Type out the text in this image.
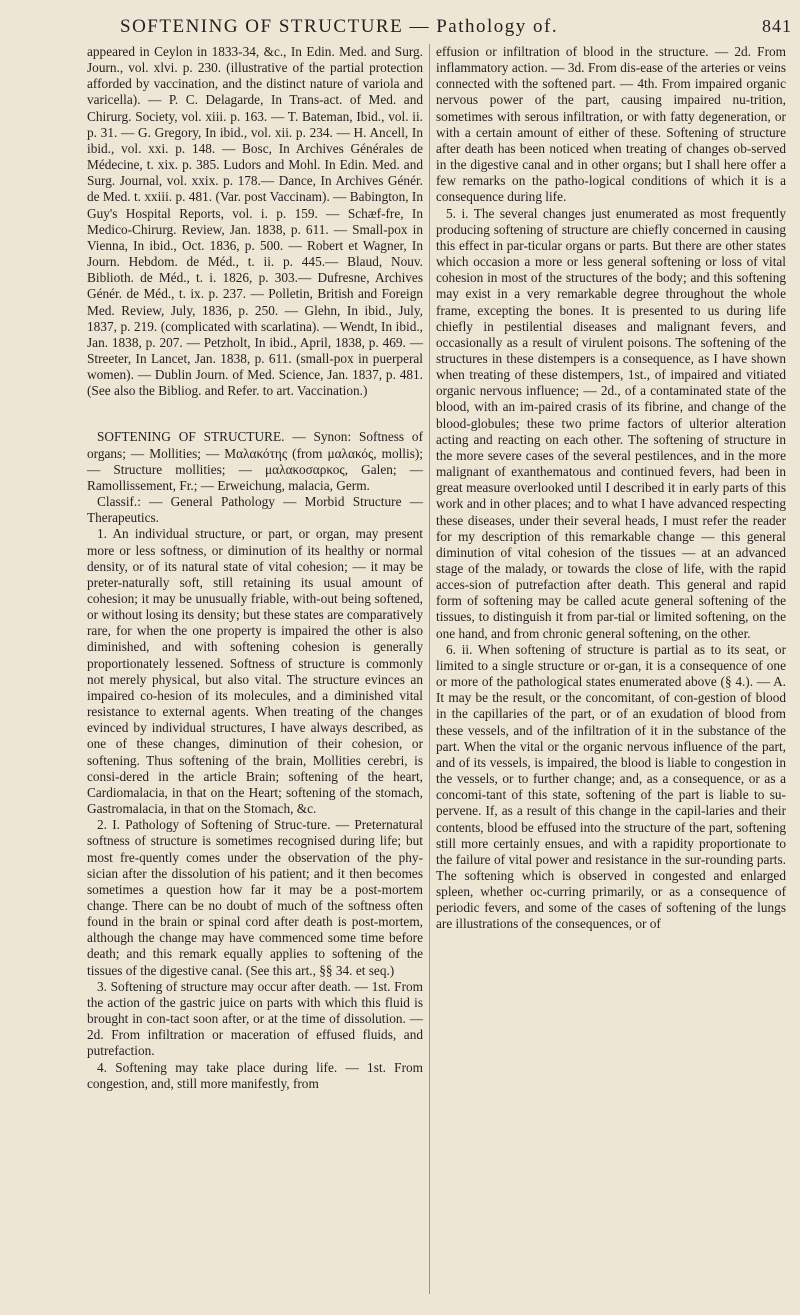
SOFTENING OF STRUCTURE — Pathology of.	841

appeared in Ceylon in 1833-34, &c., In Edin. Med. and Surg. Journ., vol. xlvi. p. 230. (illustrative of the partial protection afforded by vaccination, and the distinct nature of variola and varicella). — P. C. Delagarde, In Trans-act. of Med. and Chirurg. Society, vol. xiii. p. 163. — T. Bateman, Ibid., vol. ii. p. 31. — G. Gregory, In ibid., vol. xii. p. 234. — H. Ancell, In ibid., vol. xxi. p. 148. — Bosc, In Archives Générales de Médecine, t. xix. p. 385. Ludors and Mohl. In Edin. Med. and Surg. Journal, vol. xxix. p. 178.— Dance, In Archives Génér. de Med. t. xxiii. p. 481. (Var. post Vaccinam). — Babington, In Guy's Hospital Reports, vol. i. p. 159. — Schæf-fre, In Medico-Chirurg. Review, Jan. 1838, p. 611. — Small-pox in Vienna, In ibid., Oct. 1836, p. 500. — Robert et Wagner, In Journ. Hebdom. de Méd., t. ii. p. 445.— Blaud, Nouv. Biblioth. de Méd., t. i. 1826, p. 303.— Dufresne, Archives Génér. de Méd., t. ix. p. 237. — Polletin, British and Foreign Med. Review, July, 1836, p. 250. — Glehn, In ibid., July, 1837, p. 219. (complicated with scarlatina). — Wendt, In ibid., Jan. 1838, p. 207. — Petzholt, In ibid., April, 1838, p. 469. — Streeter, In Lancet, Jan. 1838, p. 611. (small-pox in puerperal women). — Dublin Journ. of Med. Science, Jan. 1837, p. 481. (See also the Bibliog. and Refer. to art. Vaccination.)

SOFTENING OF STRUCTURE. — Synon: Softness of organs; — Mollities; — Μαλακότης (from μαλακός, mollis); — Structure mollities; — μαλακοσαρκος, Galen; — Ramollissement, Fr.; — Erweichung, malacia, Germ.

Classif.: — General Pathology — Morbid Structure — Therapeutics.

1. An individual structure, or part, or organ, may present more or less softness, or diminution of its healthy or normal density, or of its natural state of vital cohesion; — it may be preter-naturally soft, still retaining its usual amount of cohesion; it may be unusually friable, with-out being softened, or without losing its density; but these states are comparatively rare, for when the one property is impaired the other is also diminished, and with softening cohesion is generally proportionately lessened. Softness of structure is commonly not merely physical, but also vital. The structure evinces an impaired co-hesion of its molecules, and a diminished vital resistance to external agents. When treating of the changes evinced by individual structures, I have always described, as one of these changes, diminution of their cohesion, or softening. Thus softening of the brain, Mollities cerebri, is consi-dered in the article Brain; softening of the heart, Cardiomalacia, in that on the Heart; softening of the stomach, Gastromalacia, in that on the Stomach, &c.

2. I. Pathology of Softening of Struc-ture. — Preternatural softness of structure is sometimes recognised during life; but most fre-quently comes under the observation of the phy-sician after the dissolution of his patient; and it then becomes sometimes a question how far it may be a post-mortem change. There can be no doubt of much of the softness often found in the brain or spinal cord after death is post-mortem, although the change may have commenced some time before death; and this remark equally applies to softening of the tissues of the digestive canal. (See this art., §§ 34. et seq.)

3. Softening of structure may occur after death. — 1st. From the action of the gastric juice on parts with which this fluid is brought in con-tact soon after, or at the time of dissolution. — 2d. From infiltration or maceration of effused fluids, and putrefaction.

4. Softening may take place during life. — 1st. From congestion, and, still more manifestly, from

effusion or infiltration of blood in the structure. — 2d. From inflammatory action. — 3d. From dis-ease of the arteries or veins connected with the softened part. — 4th. From impaired organic nervous power of the part, causing impaired nu-trition, sometimes with serous infiltration, or with fatty degeneration, or with a certain amount of either of these. Softening of structure after death has been noticed when treating of changes ob-served in the digestive canal and in other organs; but I shall here offer a few remarks on the patho-logical conditions of which it is a consequence during life.

5. i. The several changes just enumerated as most frequently producing softening of structure are chiefly concerned in causing this effect in par-ticular organs or parts. But there are other states which occasion a more or less general softening or loss of vital cohesion in most of the structures of the body; and this softening may exist in a very remarkable degree throughout the whole frame, excepting the bones. It is presented to us during life chiefly in pestilential diseases and malignant fevers, and occasionally as a result of virulent poisons. The softening of the structures in these distempers is a consequence, as I have shown when treating of these distempers, 1st., of impaired and vitiated organic nervous influence; — 2d., of a contaminated state of the blood, with an im-paired crasis of its fibrine, and change of the blood-globules; these two prime factors of ulterior alteration acting and reacting on each other. The softening of structure in the more severe cases of the several pestilences, and in the more malignant of exanthematous and continued fevers, had been in great measure overlooked until I described it in early parts of this work and in other places; and to what I have advanced respecting these diseases, under their several heads, I must refer the reader for my description of this remarkable change — this general diminution of vital cohesion of the tissues — at an advanced stage of the malady, or towards the close of life, with the rapid acces-sion of putrefaction after death. This general and rapid form of softening may be called acute general softening of the tissues, to distinguish it from par-tial or limited softening, on the one hand, and from chronic general softening, on the other.

6. ii. When softening of structure is partial as to its seat, or limited to a single structure or or-gan, it is a consequence of one or more of the pathological states enumerated above (§ 4.). — A. It may be the result, or the concomitant, of con-gestion of blood in the capillaries of the part, or of an exudation of blood from these vessels, and of the infiltration of it in the substance of the part. When the vital or the organic nervous influence of the part, and of its vessels, is impaired, the blood is liable to congestion in the vessels, or to further change; and, as a consequence, or as a concomi-tant of this state, softening of the part is liable to su-pervene. If, as a result of this change in the capil-laries and their contents, blood be effused into the structure of the part, softening still more certainly ensues, and with a rapidity proportionate to the failure of vital power and resistance in the sur-rounding parts. The softening which is observed in congested and enlarged spleen, whether oc-curring primarily, or as a consequence of periodic fevers, and some of the cases of softening of the lungs are illustrations of the consequences, or of
